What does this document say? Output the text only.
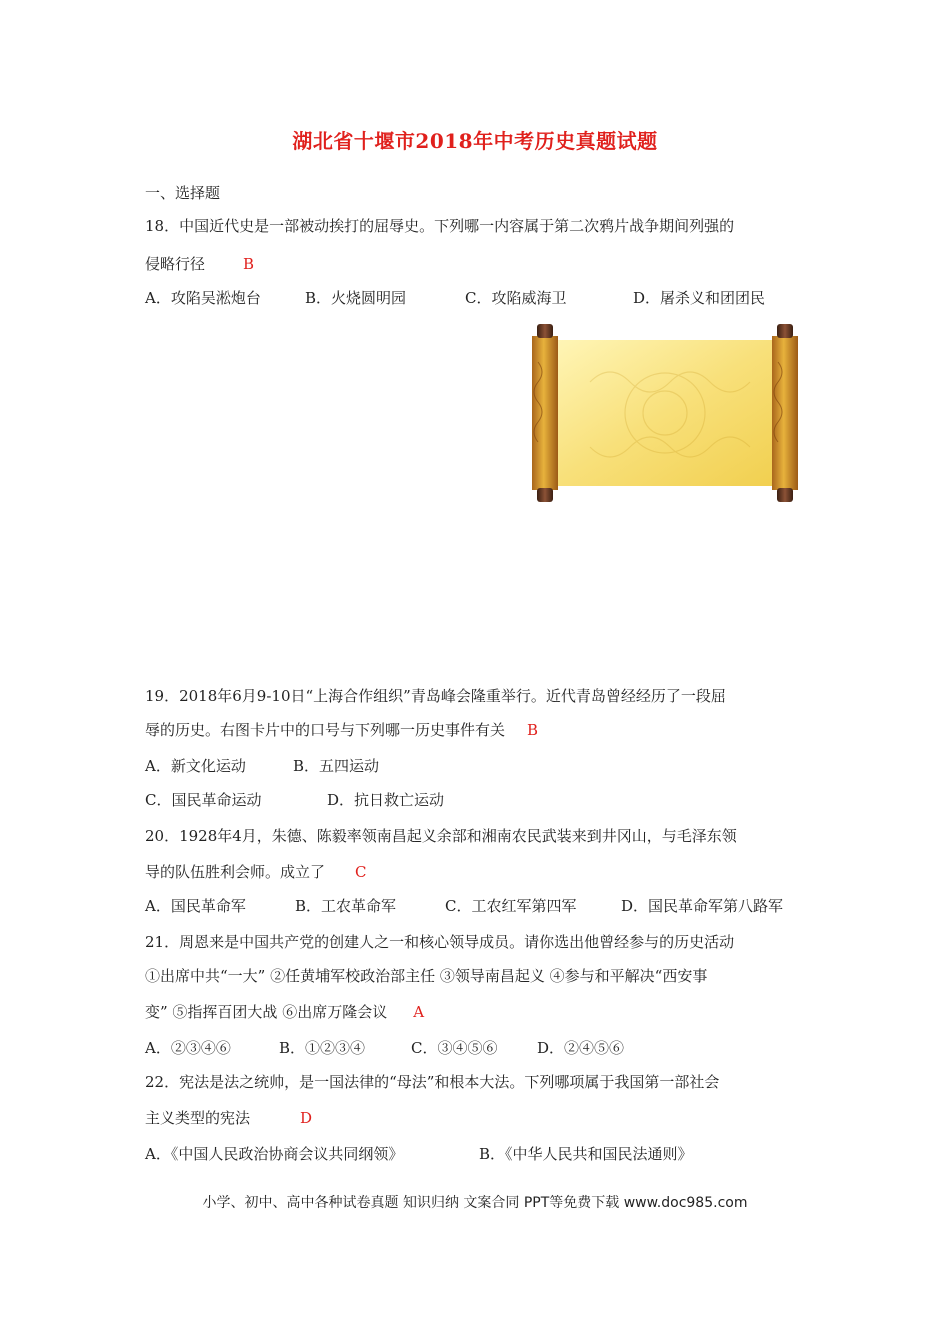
湖北省十堰市2018年中考历史真题试题
一、选择题
18．中国近代史是一部被动挨打的屈辱史。下列哪一内容属于第二次鸦片战争期间列强的
侵略行径	B
A．攻陷吴淞炮台	B．火烧圆明园	C．攻陷威海卫	D．屠杀义和团团民
19．2018年6月9-10日“上海合作组织”青岛峰会隆重举行。近代青岛曾经经历了一段屈
辱的历史。右图卡片中的口号与下列哪一历史事件有关 B
A．新文化运动	B．五四运动
C．国民革命运动	D．抗日救亡运动
20．1928年4月，朱德、陈毅率领南昌起义余部和湘南农民武装来到井冈山，与毛泽东领
导的队伍胜利会师。成立了 C
A．国民革命军	B．工农革命军	C．工农红军第四军	D．国民革命军第八路军
21．周恩来是中国共产党的创建人之一和核心领导成员。请你选出他曾经参与的历史活动
①出席中共“一大” ②任黄埔军校政治部主任 ③领导南昌起义 ④参与和平解决“西安事
变” ⑤指挥百团大战 ⑥出席万隆会议 A
A．②③④⑥	B．①②③④	C．③④⑤⑥	D．②④⑤⑥
22．宪法是法之统帅，是一国法律的“母法”和根本大法。下列哪项属于我国第一部社会
主义类型的宪法	D
A．《中国人民政治协商会议共同纲领》	B．《中华人民共和国民法通则》
小学、初中、高中各种试卷真题 知识归纳 文案合同 PPT等免费下载 www.doc985.com
